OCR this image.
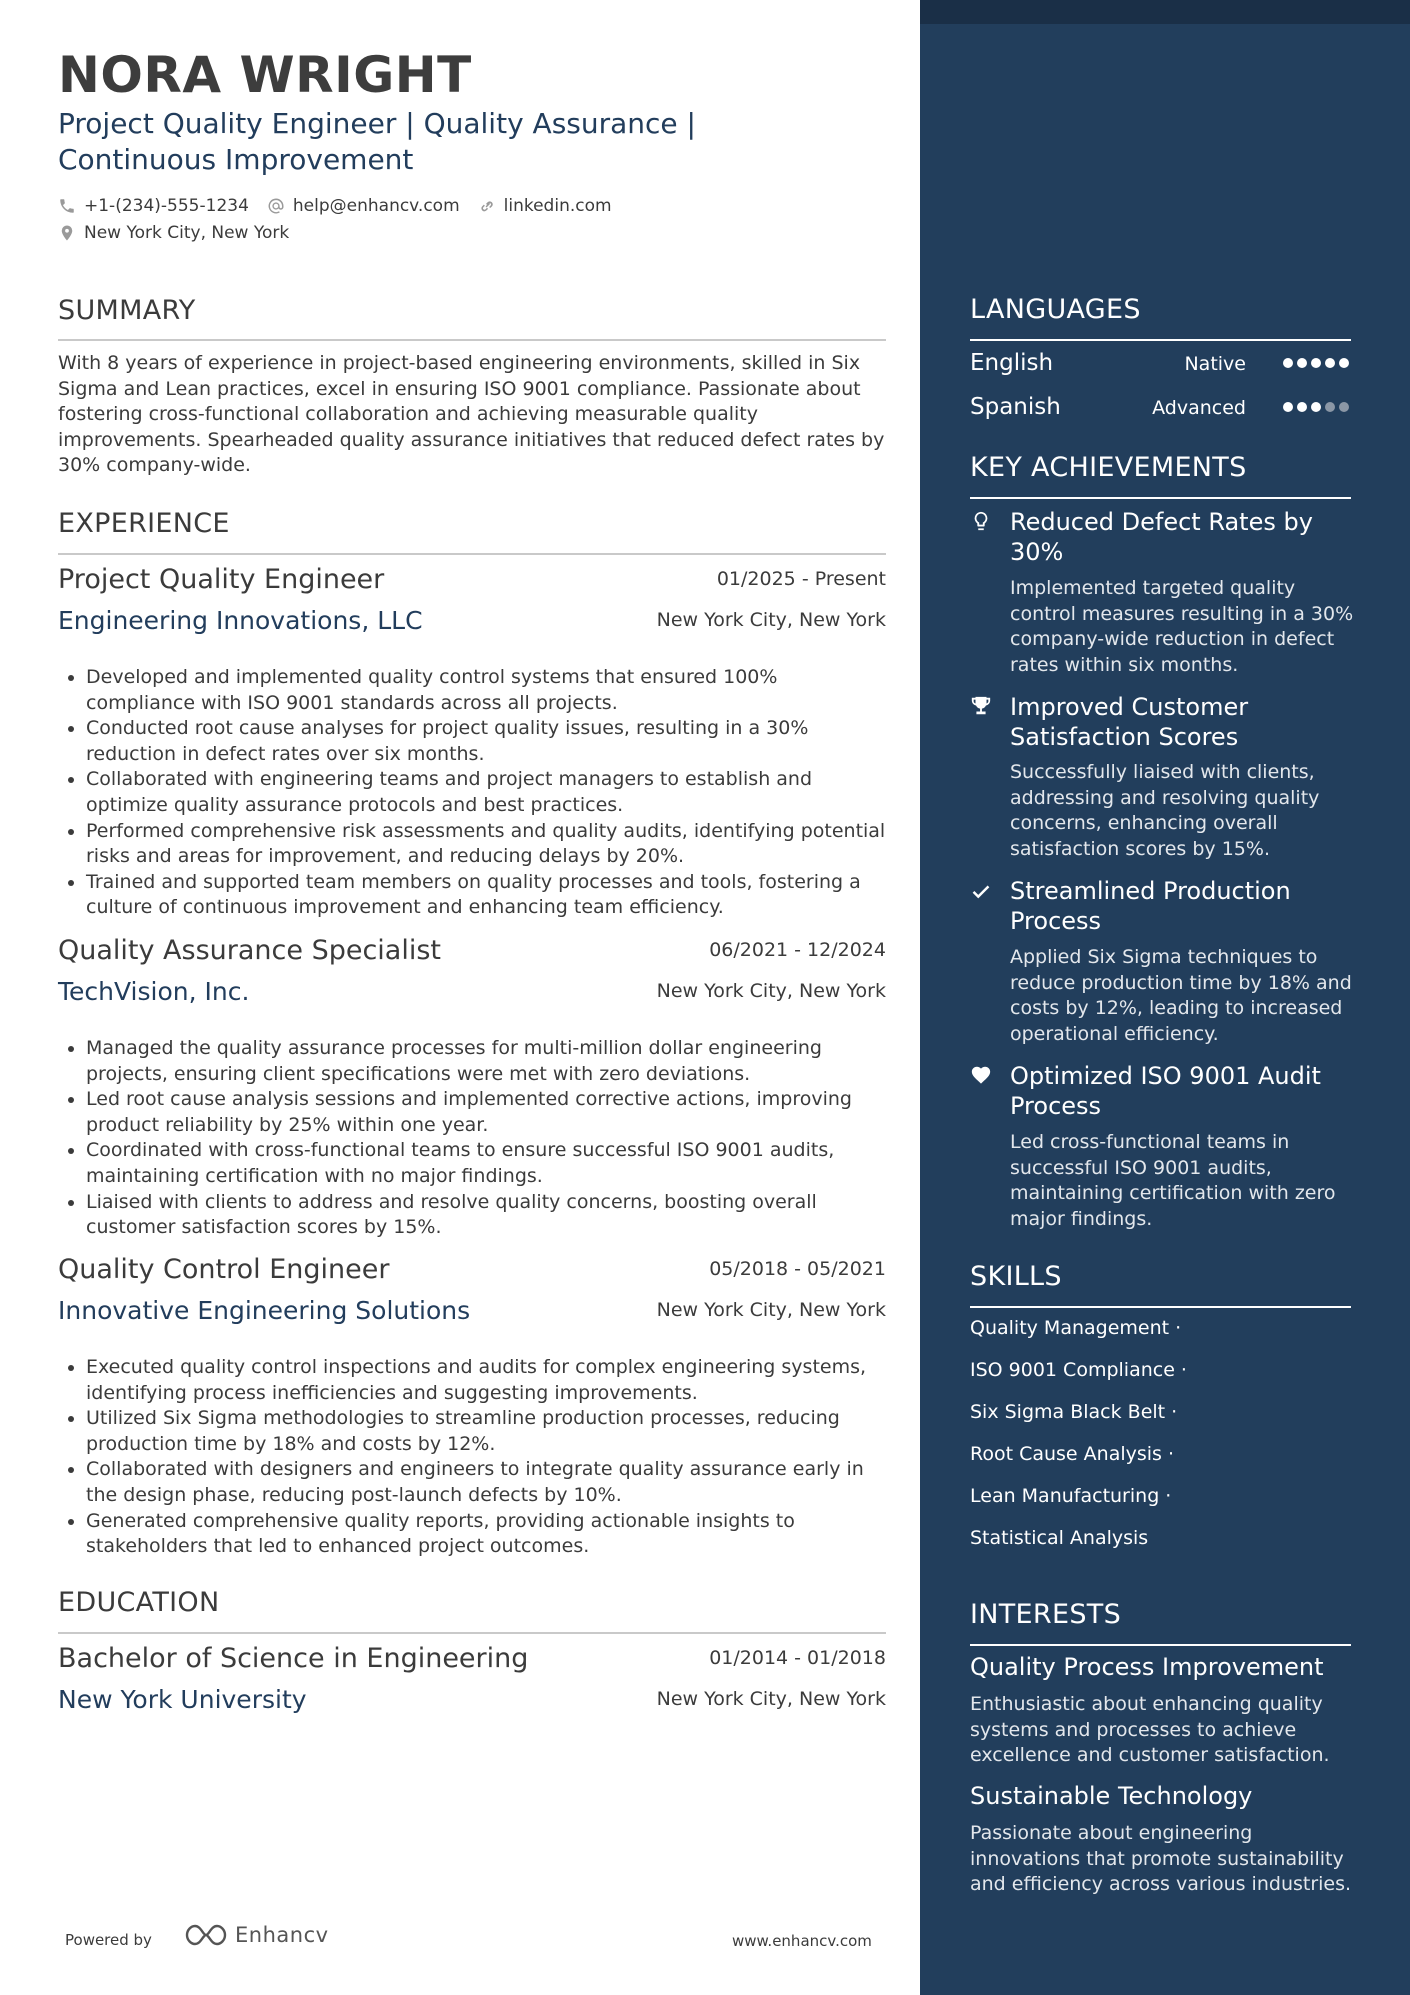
NORA WRIGHT
Project Quality Engineer | Quality Assurance | Continuous Improvement
+1-(234)-555-1234	help@enhancv.com	linkedin.com
New York City, New York
SUMMARY
With 8 years of experience in project-based engineering environments, skilled in Six Sigma and Lean practices, excel in ensuring ISO 9001 compliance. Passionate about fostering cross-functional collaboration and achieving measurable quality improvements. Spearheaded quality assurance initiatives that reduced defect rates by 30% company-wide.
EXPERIENCE
Project Quality Engineer	01/2025 - Present
Engineering Innovations, LLC	New York City, New York
Developed and implemented quality control systems that ensured 100% compliance with ISO 9001 standards across all projects.
Conducted root cause analyses for project quality issues, resulting in a 30% reduction in defect rates over six months.
Collaborated with engineering teams and project managers to establish and optimize quality assurance protocols and best practices.
Performed comprehensive risk assessments and quality audits, identifying potential risks and areas for improvement, and reducing delays by 20%.
Trained and supported team members on quality processes and tools, fostering a culture of continuous improvement and enhancing team efficiency.
Quality Assurance Specialist	06/2021 - 12/2024
TechVision, Inc.	New York City, New York
Managed the quality assurance processes for multi-million dollar engineering projects, ensuring client specifications were met with zero deviations.
Led root cause analysis sessions and implemented corrective actions, improving product reliability by 25% within one year.
Coordinated with cross-functional teams to ensure successful ISO 9001 audits, maintaining certification with no major findings.
Liaised with clients to address and resolve quality concerns, boosting overall customer satisfaction scores by 15%.
Quality Control Engineer	05/2018 - 05/2021
Innovative Engineering Solutions	New York City, New York
Executed quality control inspections and audits for complex engineering systems, identifying process inefficiencies and suggesting improvements.
Utilized Six Sigma methodologies to streamline production processes, reducing production time by 18% and costs by 12%.
Collaborated with designers and engineers to integrate quality assurance early in the design phase, reducing post-launch defects by 10%.
Generated comprehensive quality reports, providing actionable insights to stakeholders that led to enhanced project outcomes.
EDUCATION
Bachelor of Science in Engineering	01/2014 - 01/2018
New York University	New York City, New York
Powered by	Enhancv	www.enhancv.com
LANGUAGES
English	Native
Spanish	Advanced
KEY ACHIEVEMENTS
Reduced Defect Rates by 30%
Implemented targeted quality control measures resulting in a 30% company-wide reduction in defect rates within six months.
Improved Customer Satisfaction Scores
Successfully liaised with clients, addressing and resolving quality concerns, enhancing overall satisfaction scores by 15%.
Streamlined Production Process
Applied Six Sigma techniques to reduce production time by 18% and costs by 12%, leading to increased operational efficiency.
Optimized ISO 9001 Audit Process
Led cross-functional teams in successful ISO 9001 audits, maintaining certification with zero major findings.
SKILLS
Quality Management ·
ISO 9001 Compliance ·
Six Sigma Black Belt ·
Root Cause Analysis ·
Lean Manufacturing ·
Statistical Analysis
INTERESTS
Quality Process Improvement
Enthusiastic about enhancing quality systems and processes to achieve excellence and customer satisfaction.
Sustainable Technology
Passionate about engineering innovations that promote sustainability and efficiency across various industries.
